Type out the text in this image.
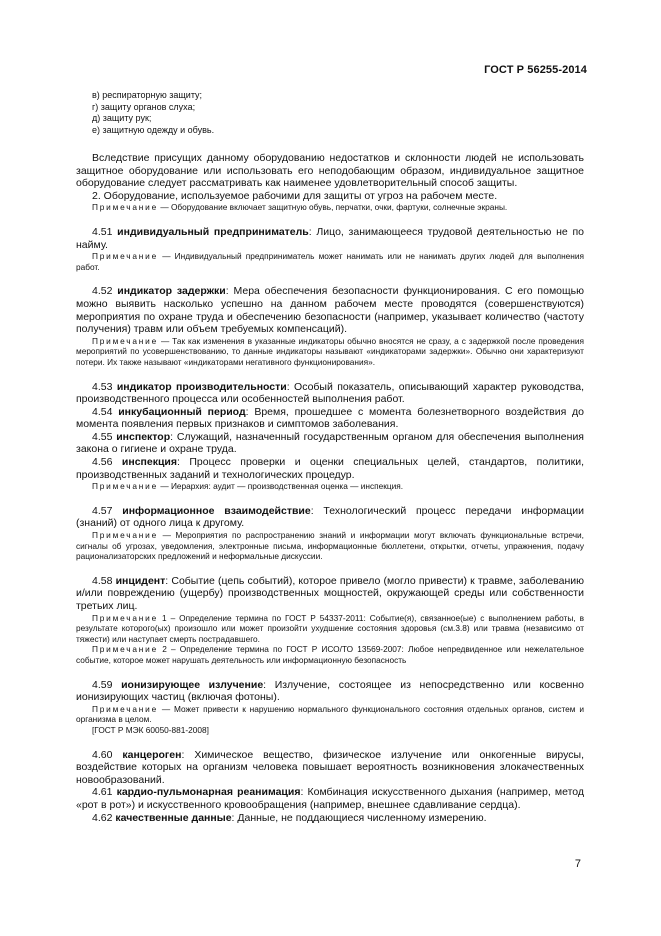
ГОСТ Р 56255-2014

в) респираторную защиту;

г) защиту органов слуха;

д) защиту рук;

е) защитную одежду и обувь.

Вследствие присущих данному оборудованию недостатков и склонности людей не использовать защитное оборудование или использовать его неподобающим образом, индивидуальное защитное оборудование следует рассматривать как наименее удовлетворительный способ защиты.

2. Оборудование, используемое рабочими для защиты от угроз на рабочем месте.

Примечание — Оборудование включает защитную обувь, перчатки, очки, фартуки, солнечные экраны.

4.51 индивидуальный предприниматель: Лицо, занимающееся трудовой деятельностью не по найму.

Примечание — Индивидуальный предприниматель может нанимать или не нанимать других людей для выполнения работ.

4.52 индикатор задержки: Мера обеспечения безопасности функционирования. С его помощью можно выявить насколько успешно на данном рабочем месте проводятся (совершенствуются) мероприятия по охране труда и обеспечению безопасности (например, указывает количество (частоту получения) травм или объем требуемых компенсаций).

Примечание — Так как изменения в указанные индикаторы обычно вносятся не сразу, а с задержкой после проведения мероприятий по усовершенствованию, то данные индикаторы называют «индикаторами задержки». Обычно они характеризуют потери. Их также называют «индикаторами негативного функционирования».

4.53 индикатор производительности: Особый показатель, описывающий характер руководства, производственного процесса или особенностей выполнения работ.

4.54 инкубационный период: Время, прошедшее с момента болезнетворного воздействия до момента появления первых признаков и симптомов заболевания.

4.55 инспектор: Служащий, назначенный государственным органом для обеспечения выполнения закона о гигиене и охране труда.

4.56 инспекция: Процесс проверки и оценки специальных целей, стандартов, политики, производственных заданий и технологических процедур.

Примечание — Иерархия: аудит — производственная оценка — инспекция.

4.57 информационное взаимодействие: Технологический процесс передачи информации (знаний) от одного лица к другому.

Примечание — Мероприятия по распространению знаний и информации могут включать функциональные встречи, сигналы об угрозах, уведомления, электронные письма, информационные бюллетени, открытки, отчеты, упражнения, подачу рационализаторских предложений и неформальные дискуссии.

4.58 инцидент: Событие (цепь событий), которое привело (могло привести) к травме, заболеванию и/или повреждению (ущербу) производственных мощностей, окружающей среды или собственности третьих лиц.

Примечание 1 – Определение термина по ГОСТ Р 54337-2011: Событие(я), связанное(ые) с выполнением работы, в результате которого(ых) произошло или может произойти ухудшение состояния здоровья (см.3.8) или травма (независимо от тяжести) или наступает смерть пострадавшего.

Примечание 2 – Определение термина по ГОСТ Р ИСО/ТО 13569-2007: Любое непредвиденное или нежелательное событие, которое может нарушать деятельность или информационную безопасность

4.59 ионизирующее излучение: Излучение, состоящее из непосредственно или косвенно ионизирующих частиц (включая фотоны).

Примечание — Может привести к нарушению нормального функционального состояния отдельных органов, систем и организма в целом.

[ГОСТ Р МЭК 60050-881-2008]

4.60 канцероген: Химическое вещество, физическое излучение или онкогенные вирусы, воздействие которых на организм человека повышает вероятность возникновения злокачественных новообразований.

4.61 кардио-пульмонарная реанимация: Комбинация искусственного дыхания (например, метод «рот в рот») и искусственного кровообращения (например, внешнее сдавливание сердца).

4.62 качественные данные: Данные, не поддающиеся численному измерению.

7
